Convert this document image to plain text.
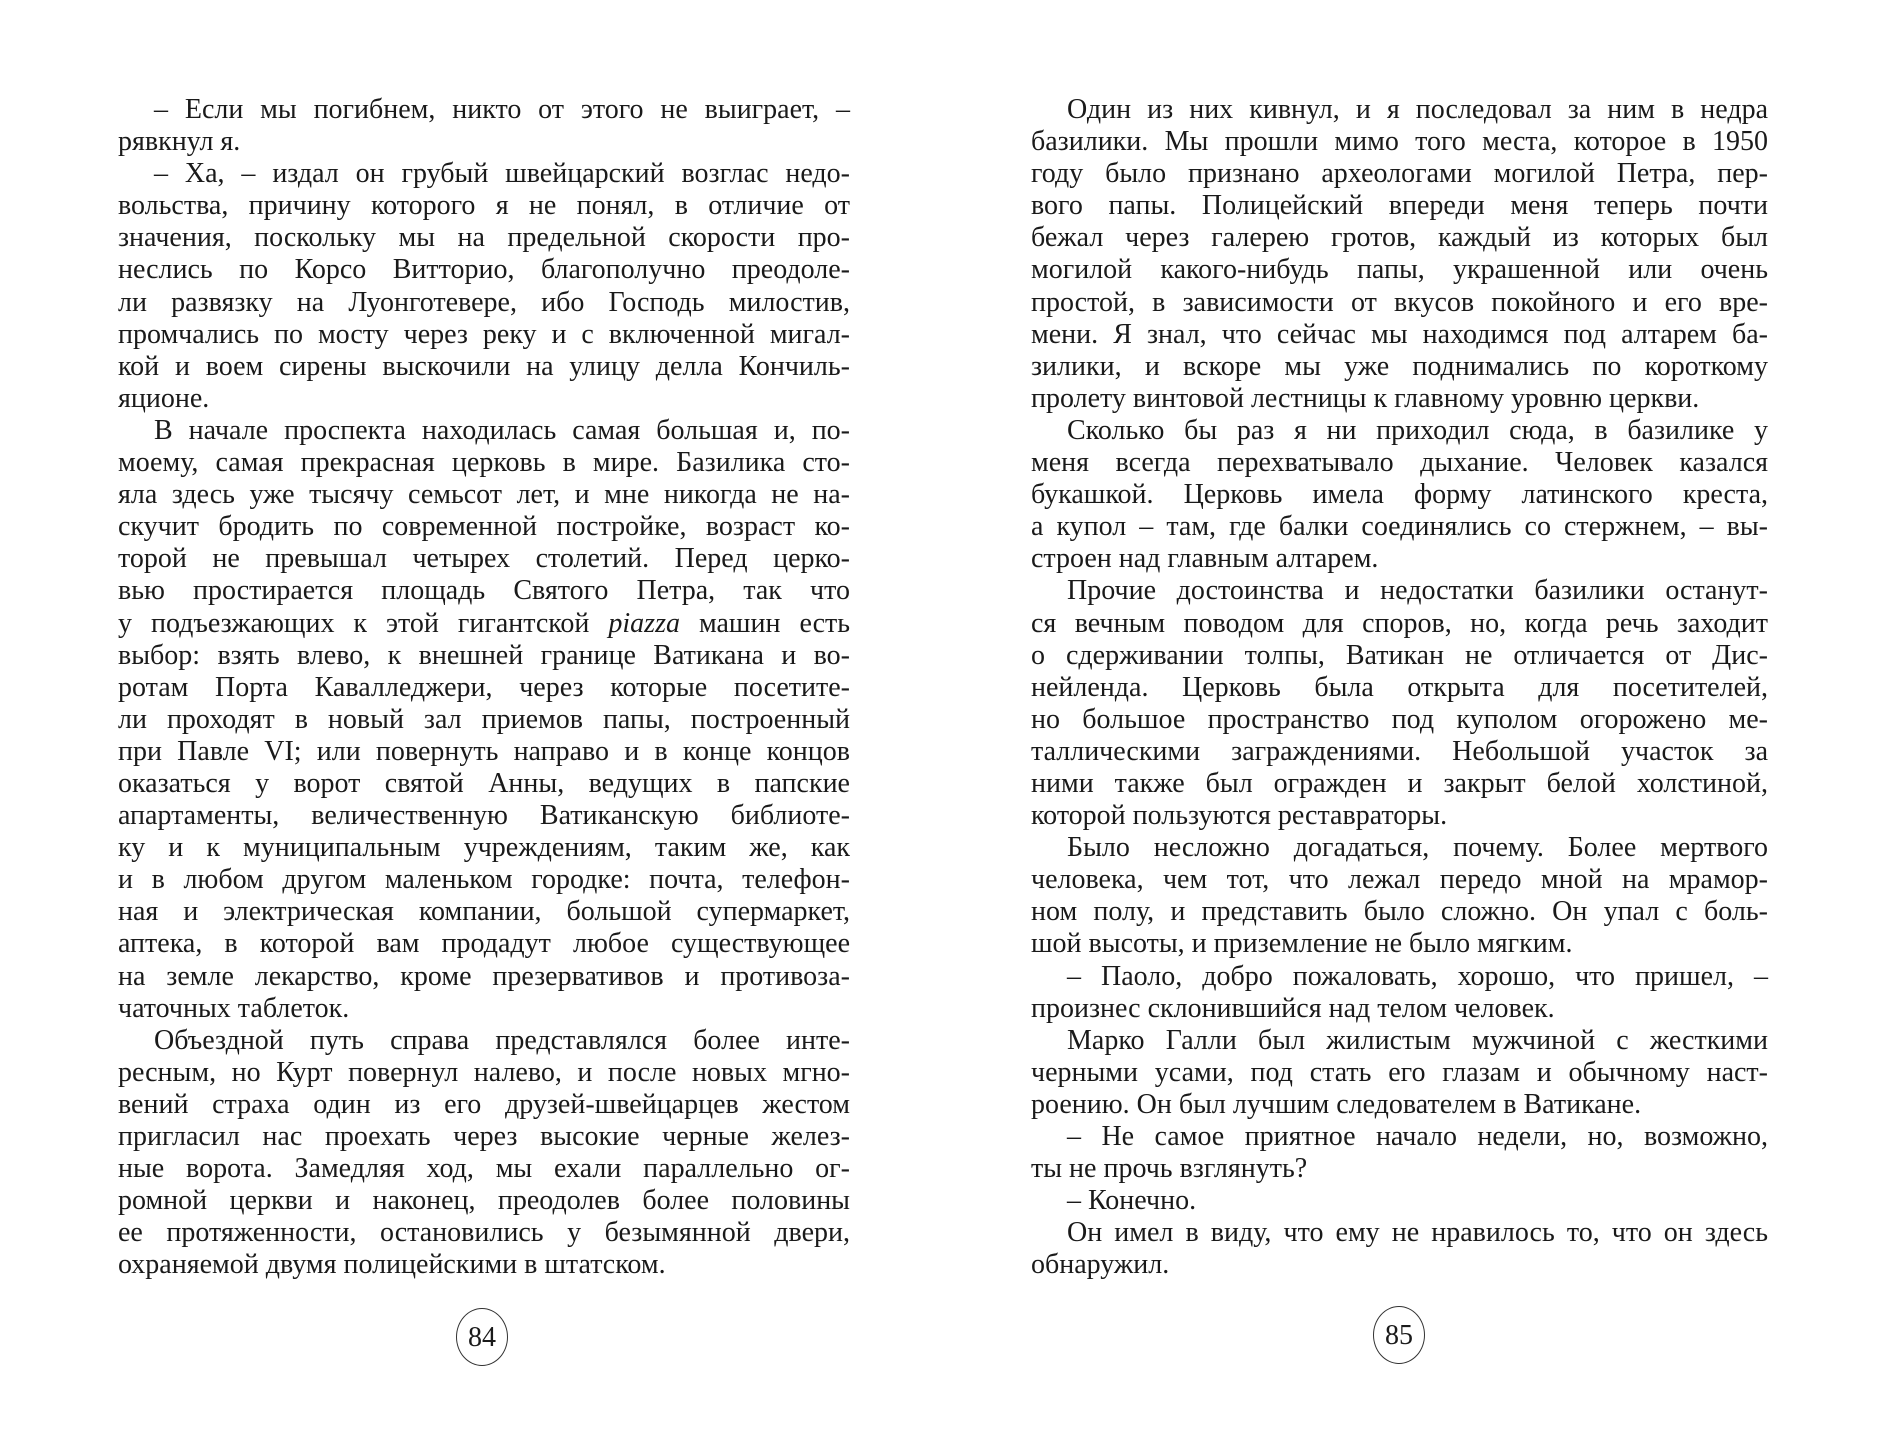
– Если мы погибнем, никто от этого не выиграет, –
рявкнул я.
– Ха, – издал он грубый швейцарский возглас недо-
вольства, причину которого я не понял, в отличие от
значения, поскольку мы на предельной скорости про-
неслись по Корсо Витторио, благополучно преодоле-
ли развязку на Луонготевере, ибо Господь милостив,
промчались по мосту через реку и с включенной мигал-
кой и воем сирены выскочили на улицу делла Кончиль-
яционе.
В начале проспекта находилась самая большая и, по-
моему, самая прекрасная церковь в мире. Базилика сто-
яла здесь уже тысячу семьсот лет, и мне никогда не на-
скучит бродить по современной постройке, возраст ко-
торой не превышал четырех столетий. Перед церко-
вью простирается площадь Святого Петра, так что
у подъезжающих к этой гигантской piazza машин есть
выбор: взять влево, к внешней границе Ватикана и во-
ротам Порта Кавалледжери, через которые посетите-
ли проходят в новый зал приемов папы, построенный
при Павле VI; или повернуть направо и в конце концов
оказаться у ворот святой Анны, ведущих в папские
апартаменты, величественную Ватиканскую библиоте-
ку и к муниципальным учреждениям, таким же, как
и в любом другом маленьком городке: почта, телефон-
ная и электрическая компании, большой супермаркет,
аптека, в которой вам продадут любое существующее
на земле лекарство, кроме презервативов и противоза-
чаточных таблеток.
Объездной путь справа представлялся более инте-
ресным, но Курт повернул налево, и после новых мгно-
вений страха один из его друзей-швейцарцев жестом
пригласил нас проехать через высокие черные желез-
ные ворота. Замедляя ход, мы ехали параллельно ог-
ромной церкви и наконец, преодолев более половины
ее протяженности, остановились у безымянной двери,
охраняемой двумя полицейскими в штатском.
Один из них кивнул, и я последовал за ним в недра
базилики. Мы прошли мимо того места, которое в 1950
году было признано археологами могилой Петра, пер-
вого папы. Полицейский впереди меня теперь почти
бежал через галерею гротов, каждый из которых был
могилой какого-нибудь папы, украшенной или очень
простой, в зависимости от вкусов покойного и его вре-
мени. Я знал, что сейчас мы находимся под алтарем ба-
зилики, и вскоре мы уже поднимались по короткому
пролету винтовой лестницы к главному уровню церкви.
Сколько бы раз я ни приходил сюда, в базилике у
меня всегда перехватывало дыхание. Человек казался
букашкой. Церковь имела форму латинского креста,
а купол – там, где балки соединялись со стержнем, – вы-
строен над главным алтарем.
Прочие достоинства и недостатки базилики останут-
ся вечным поводом для споров, но, когда речь заходит
о сдерживании толпы, Ватикан не отличается от Дис-
нейленда. Церковь была открыта для посетителей,
но большое пространство под куполом огорожено ме-
таллическими заграждениями. Небольшой участок за
ними также был огражден и закрыт белой холстиной,
которой пользуются реставраторы.
Было несложно догадаться, почему. Более мертвого
человека, чем тот, что лежал передо мной на мрамор-
ном полу, и представить было сложно. Он упал с боль-
шой высоты, и приземление не было мягким.
– Паоло, добро пожаловать, хорошо, что пришел, –
произнес склонившийся над телом человек.
Марко Галли был жилистым мужчиной с жесткими
черными усами, под стать его глазам и обычному наст-
роению. Он был лучшим следователем в Ватикане.
– Не самое приятное начало недели, но, возможно,
ты не прочь взглянуть?
– Конечно.
Он имел в виду, что ему не нравилось то, что он здесь
обнаружил.
84	85
